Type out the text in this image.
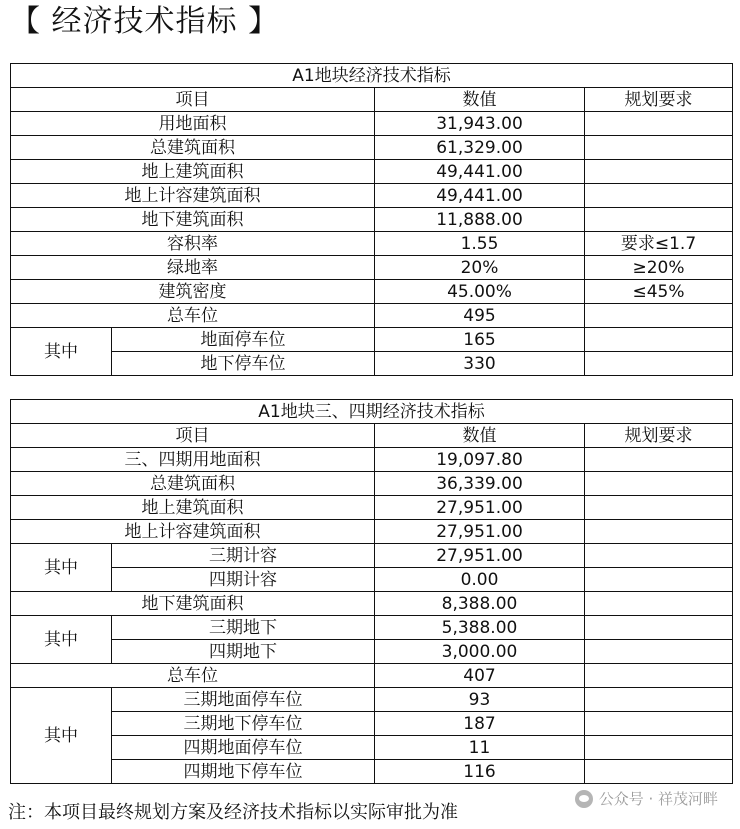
【 经济技术指标 】
A1地块经济技术指标			
项目		数值	规划要求
用地面积		31,943.00	
总建筑面积		61,329.00	
地上建筑面积		49,441.00	
地上计容建筑面积		49,441.00	
地下建筑面积		11,888.00	
容积率		1.55	要求≤1.7
绿地率		20%	≥20%
建筑密度		45.00%	≤45%
总车位		495	
其中	地面停车位	165	
	地下停车位	330	
A1地块三、四期经济技术指标			
项目		数值	规划要求
三、四期用地面积		19,097.80	
总建筑面积		36,339.00	
地上建筑面积		27,951.00	
地上计容建筑面积		27,951.00	
其中	三期计容	27,951.00	
	四期计容	0.00	
地下建筑面积		8,388.00	
其中	三期地下	5,388.00	
	四期地下	3,000.00	
总车位		407	
其中	三期地面停车位	93	
	三期地下停车位	187	
	四期地面停车位	11	
	四期地下停车位	116	
公众号 · 祥茂河畔
注：本项目最终规划方案及经济技术指标以实际审批为准
